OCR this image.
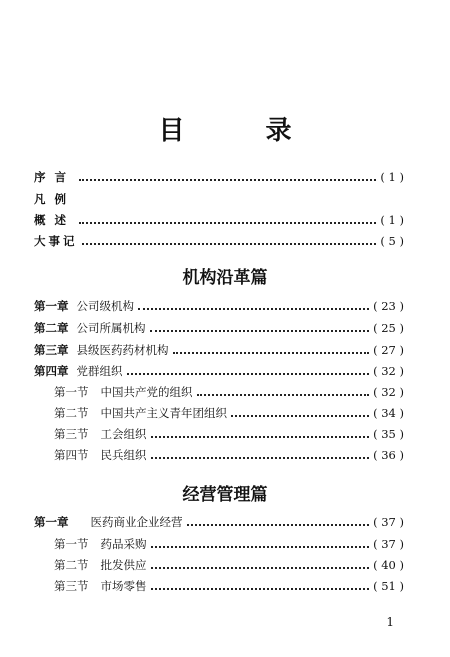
目 录
序言	( 1 )
凡例
概述	( 1 )
大事记	( 5 )
机构沿革篇
第一章 公司级机构	( 23 )
第二章 公司所属机构	( 25 )
第三章 县级医药药材机构	( 27 )
第四章 党群组织	( 32 )
第一节 中国共产党的组织	( 32 )
第二节 中国共产主义青年团组织	( 34 )
第三节 工会组织	( 35 )
第四节 民兵组织	( 36 )
经营管理篇
第一章 医药商业企业经营	( 37 )
第一节 药品采购	( 37 )
第二节 批发供应	( 40 )
第三节 市场零售	( 51 )
1
